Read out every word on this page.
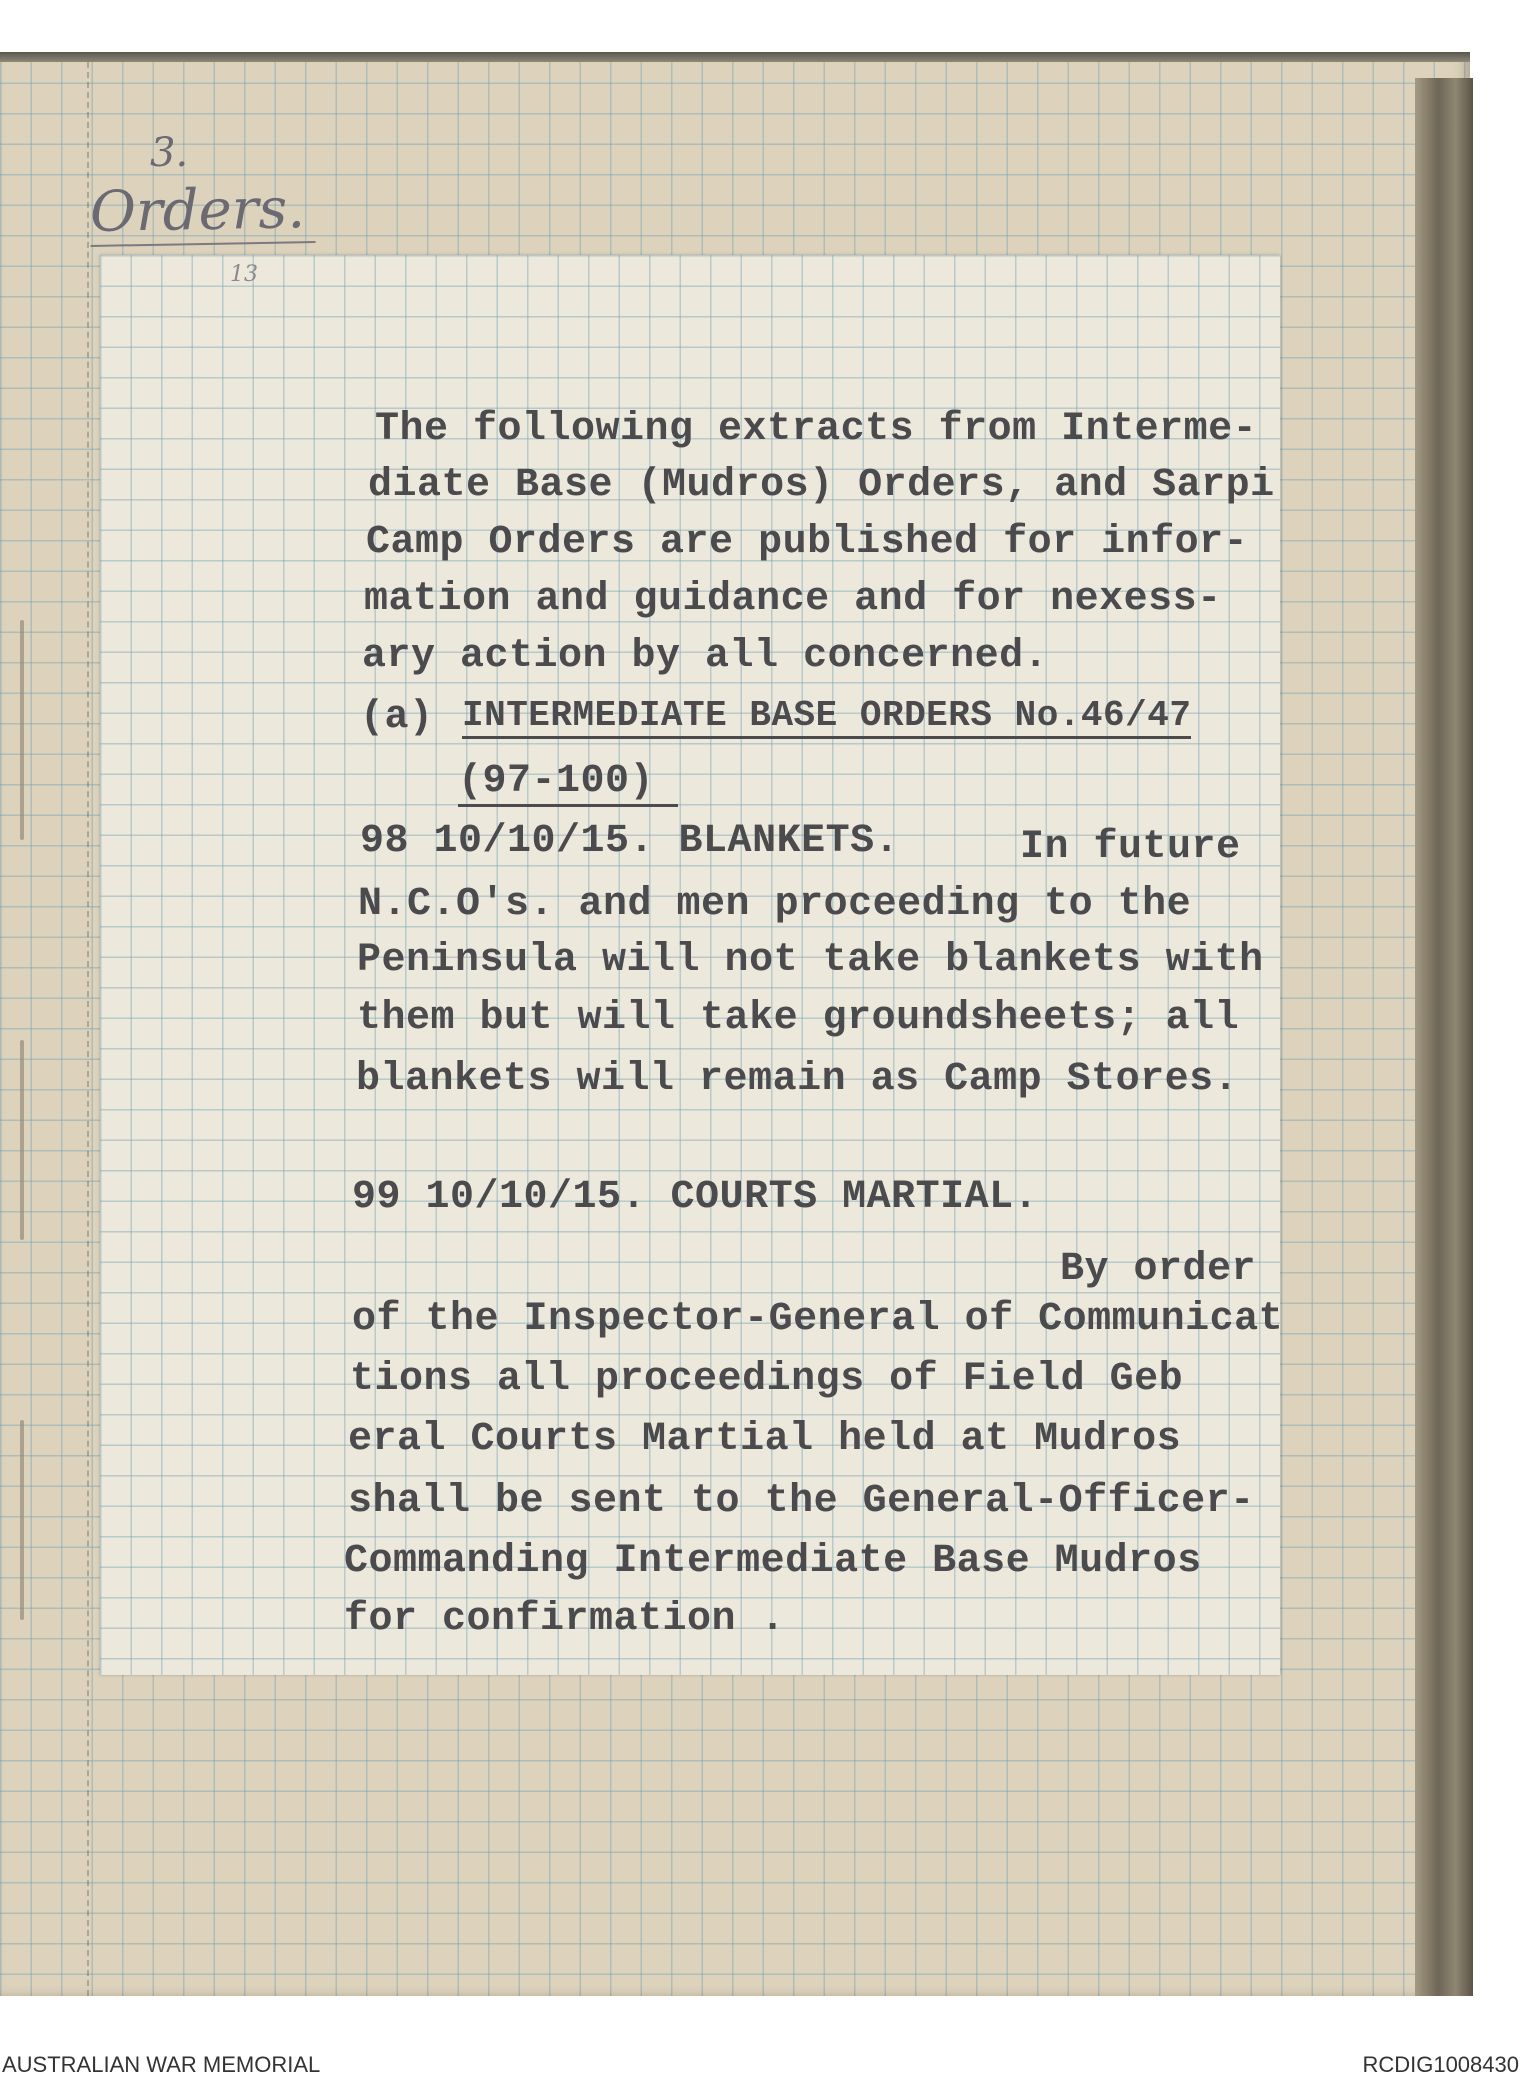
3.
Orders.
13
The following extracts from Interme-
diate Base (Mudros) Orders, and Sarpi
Camp Orders are published for infor-
mation and guidance and for nexess-
ary action by all concerned.
(a) INTERMEDIATE BASE ORDERS No.46/47
(97-100)
98 10/10/15. BLANKETS.	In future
N.C.O's. and men proceeding to the
Peninsula will not take blankets with
them but will take groundsheets; all
blankets will remain as Camp Stores.
99 10/10/15. COURTS MARTIAL.
By order
of the Inspector-General of Communicat
tions all proceedings of Field Geb
eral Courts Martial held at Mudros
shall be sent to the General-Officer-
Commanding Intermediate Base Mudros
for confirmation .
AUSTRALIAN WAR MEMORIAL	RCDIG1008430
